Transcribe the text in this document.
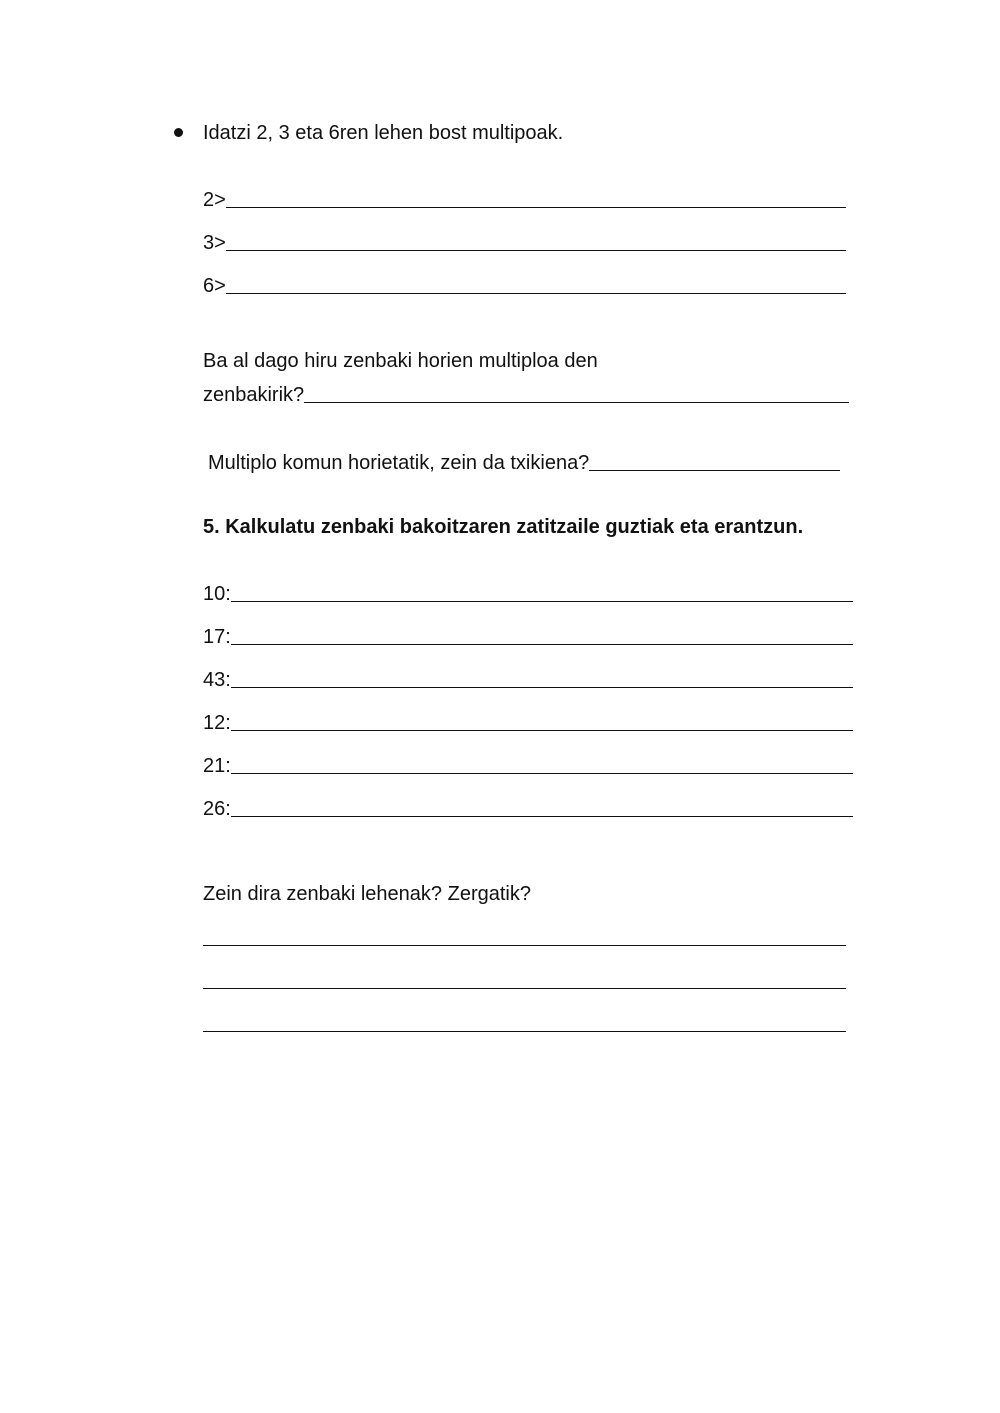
Idatzi 2, 3 eta 6ren lehen bost multipoak.
2>
3>
6>
Ba al dago hiru zenbaki horien multiploa den
zenbakirik?
Multiplo komun horietatik, zein da txikiena?
5. Kalkulatu zenbaki bakoitzaren zatitzaile guztiak eta erantzun.
10:
17:
43:
12:
21:
26:
Zein dira zenbaki lehenak? Zergatik?
